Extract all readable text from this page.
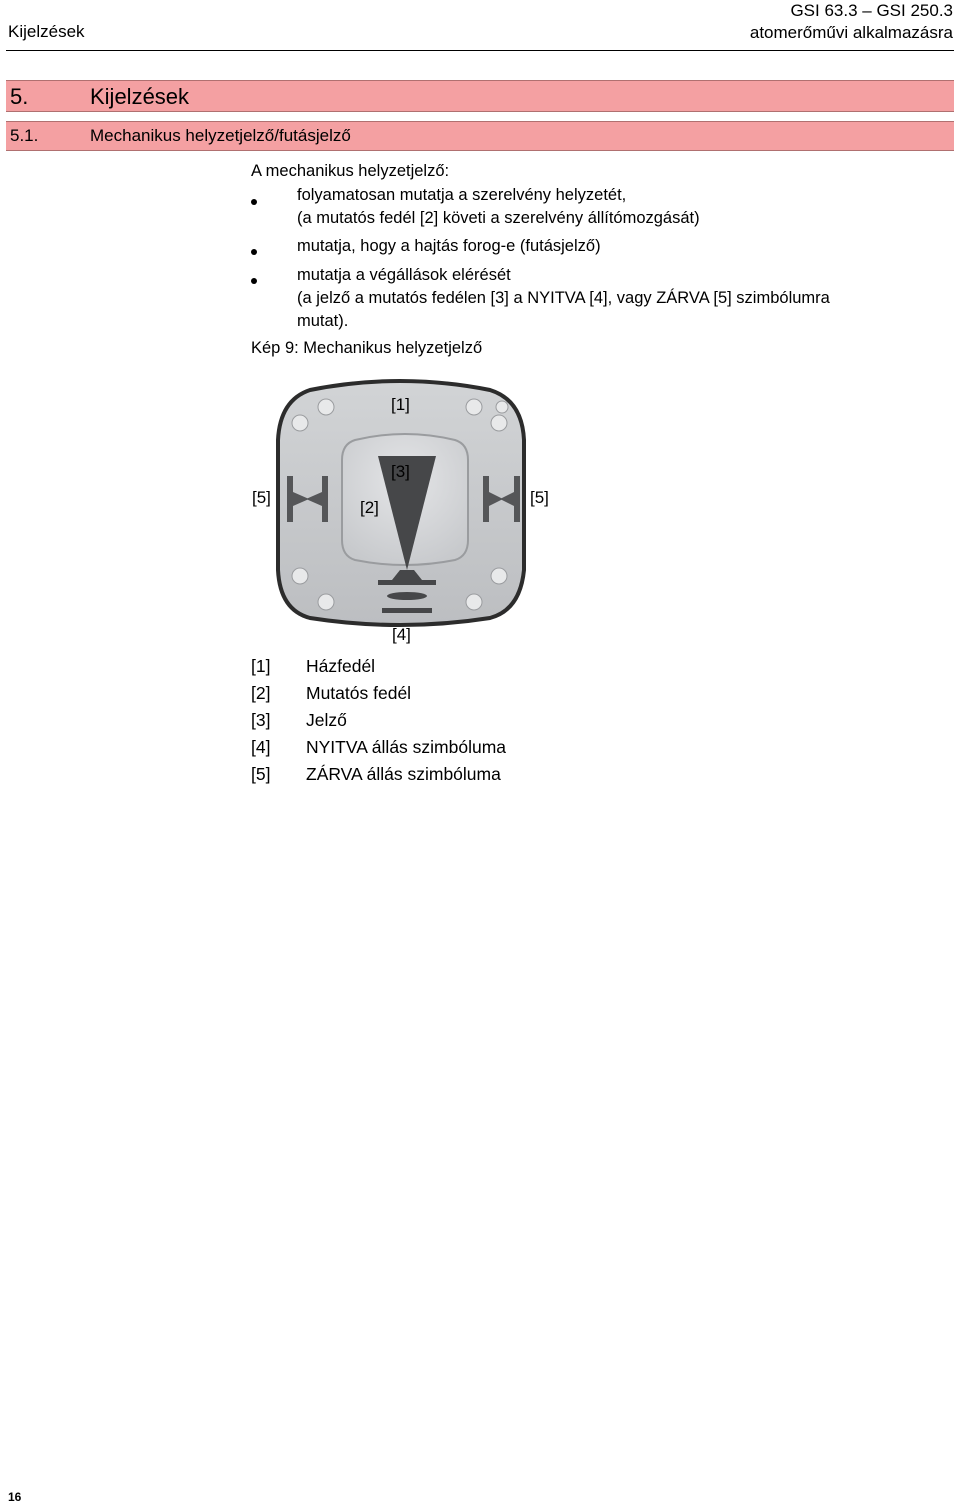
Kijelzések
GSI 63.3 – GSI 250.3
atomerőművi alkalmazásra
5.	Kijelzések
5.1.	Mechanikus helyzetjelző/futásjelző
A mechanikus helyzetjelző:
folyamatosan mutatja a szerelvény helyzetét,
(a mutatós fedél [2] követi a szerelvény állítómozgását)
mutatja, hogy a hajtás forog-e (futásjelző)
mutatja a végállások elérését
(a jelző a mutatós fedélen [3] a NYITVA [4], vagy ZÁRVA [5] szimbólumra
mutat).
Kép 9: Mechanikus helyzetjelző
[1]
[3]
[2]
[5]	[5]
[4]
[1] Házfedél
[2] Mutatós fedél
[3] Jelző
[4] NYITVA állás szimbóluma
[5] ZÁRVA állás szimbóluma
16
